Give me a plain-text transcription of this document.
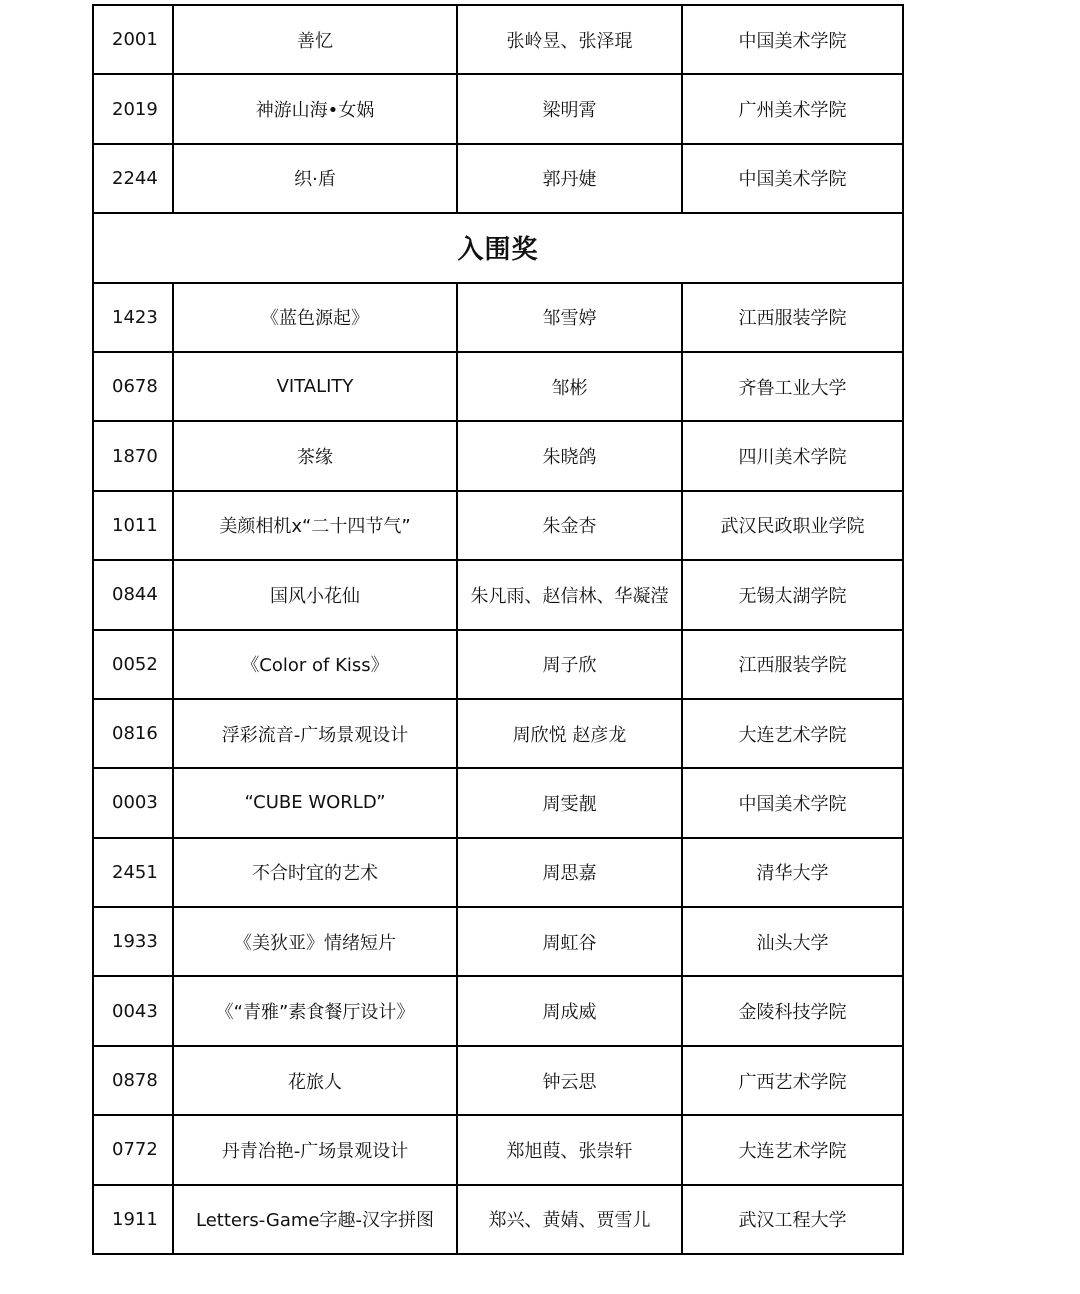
2001	善忆	张岭昱、张泽琨	中国美术学院
2019	神游山海•女娲	梁明霄	广州美术学院
2244	织·盾	郭丹婕	中国美术学院
入围奖			
1423	《蓝色源起》	邹雪婷	江西服装学院
0678	VITALITY	邹彬	齐鲁工业大学
1870	茶缘	朱晓鸽	四川美术学院
1011	美颜相机x“二十四节气”	朱金杏	武汉民政职业学院
0844	国风小花仙	朱凡雨、赵信林、华凝滢	无锡太湖学院
0052	《Color of Kiss》	周子欣	江西服装学院
0816	浮彩流音-广场景观设计	周欣悦 赵彦龙	大连艺术学院
0003	“CUBE WORLD”	周雯靓	中国美术学院
2451	不合时宜的艺术	周思嘉	清华大学
1933	《美狄亚》情绪短片	周虹谷	汕头大学
0043	《“青雅”素食餐厅设计》	周成威	金陵科技学院
0878	花旅人	钟云思	广西艺术学院
0772	丹青冶艳-广场景观设计	郑旭葭、张崇轩	大连艺术学院
1911	Letters-Game字趣-汉字拼图	郑兴、黄婧、贾雪儿	武汉工程大学
